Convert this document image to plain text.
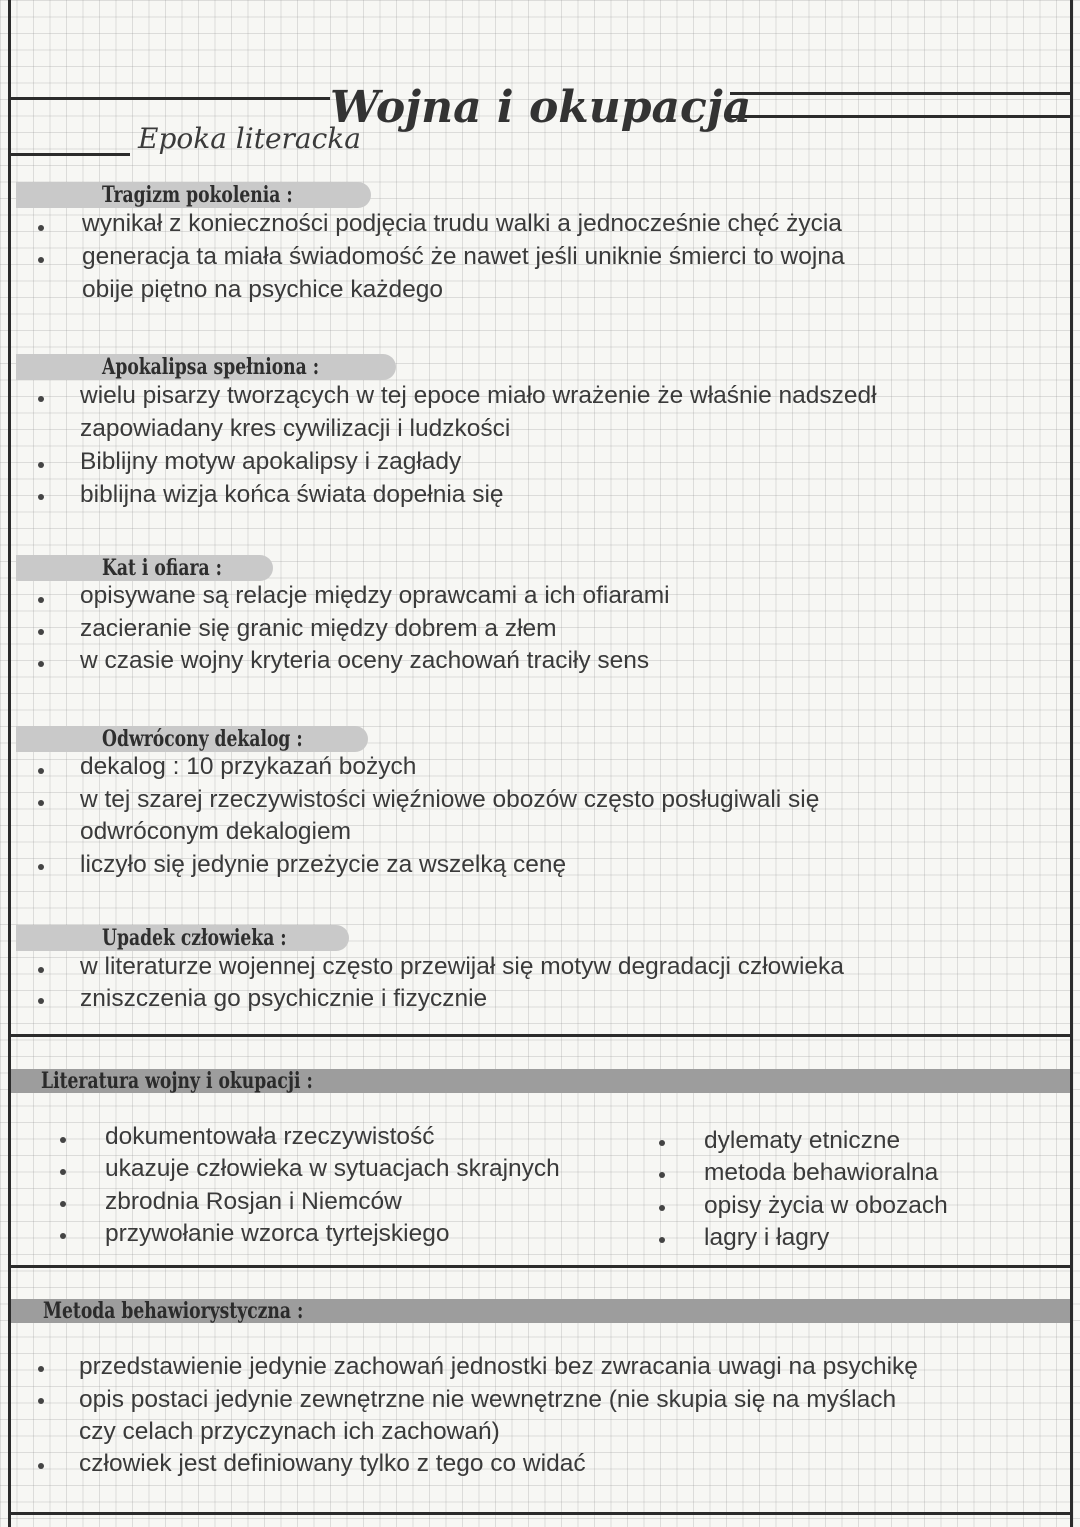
Wojna i okupacja
Epoka literacka
Tragizm pokolenia :
wynikał z konieczności podjęcia trudu walki a jednocześnie chęć życia
generacja ta miała świadomość że nawet jeśli uniknie śmierci to wojna
obije piętno na psychice każdego
Apokalipsa spełniona :
wielu pisarzy tworzących w tej epoce miało wrażenie że właśnie nadszedł
zapowiadany kres cywilizacji i ludzkości
Biblijny motyw apokalipsy i zagłady
biblijna wizja końca świata dopełnia się
Kat i ofiara :
opisywane są relacje między oprawcami a ich ofiarami
zacieranie się granic między dobrem a złem
w czasie wojny kryteria oceny zachowań traciły sens
Odwrócony dekalog :
dekalog : 10 przykazań bożych
w tej szarej rzeczywistości więźniowe obozów często posługiwali się
odwróconym dekalogiem
liczyło się jedynie przeżycie za wszelką cenę
Upadek człowieka :
w literaturze wojennej często przewijał się motyw degradacji człowieka
zniszczenia go psychicznie i fizycznie
Literatura wojny i okupacji :
dokumentowała rzeczywistość
ukazuje człowieka w sytuacjach skrajnych
zbrodnia Rosjan i Niemców
przywołanie wzorca tyrtejskiego
dylematy etniczne
metoda behawioralna
opisy życia w obozach
lagry i łagry
Metoda behawiorystyczna :
przedstawienie jedynie zachowań jednostki bez zwracania uwagi na psychikę
opis postaci jedynie zewnętrzne nie wewnętrzne (nie skupia się na myślach
czy celach przyczynach ich zachowań)
człowiek jest definiowany tylko z tego co widać
